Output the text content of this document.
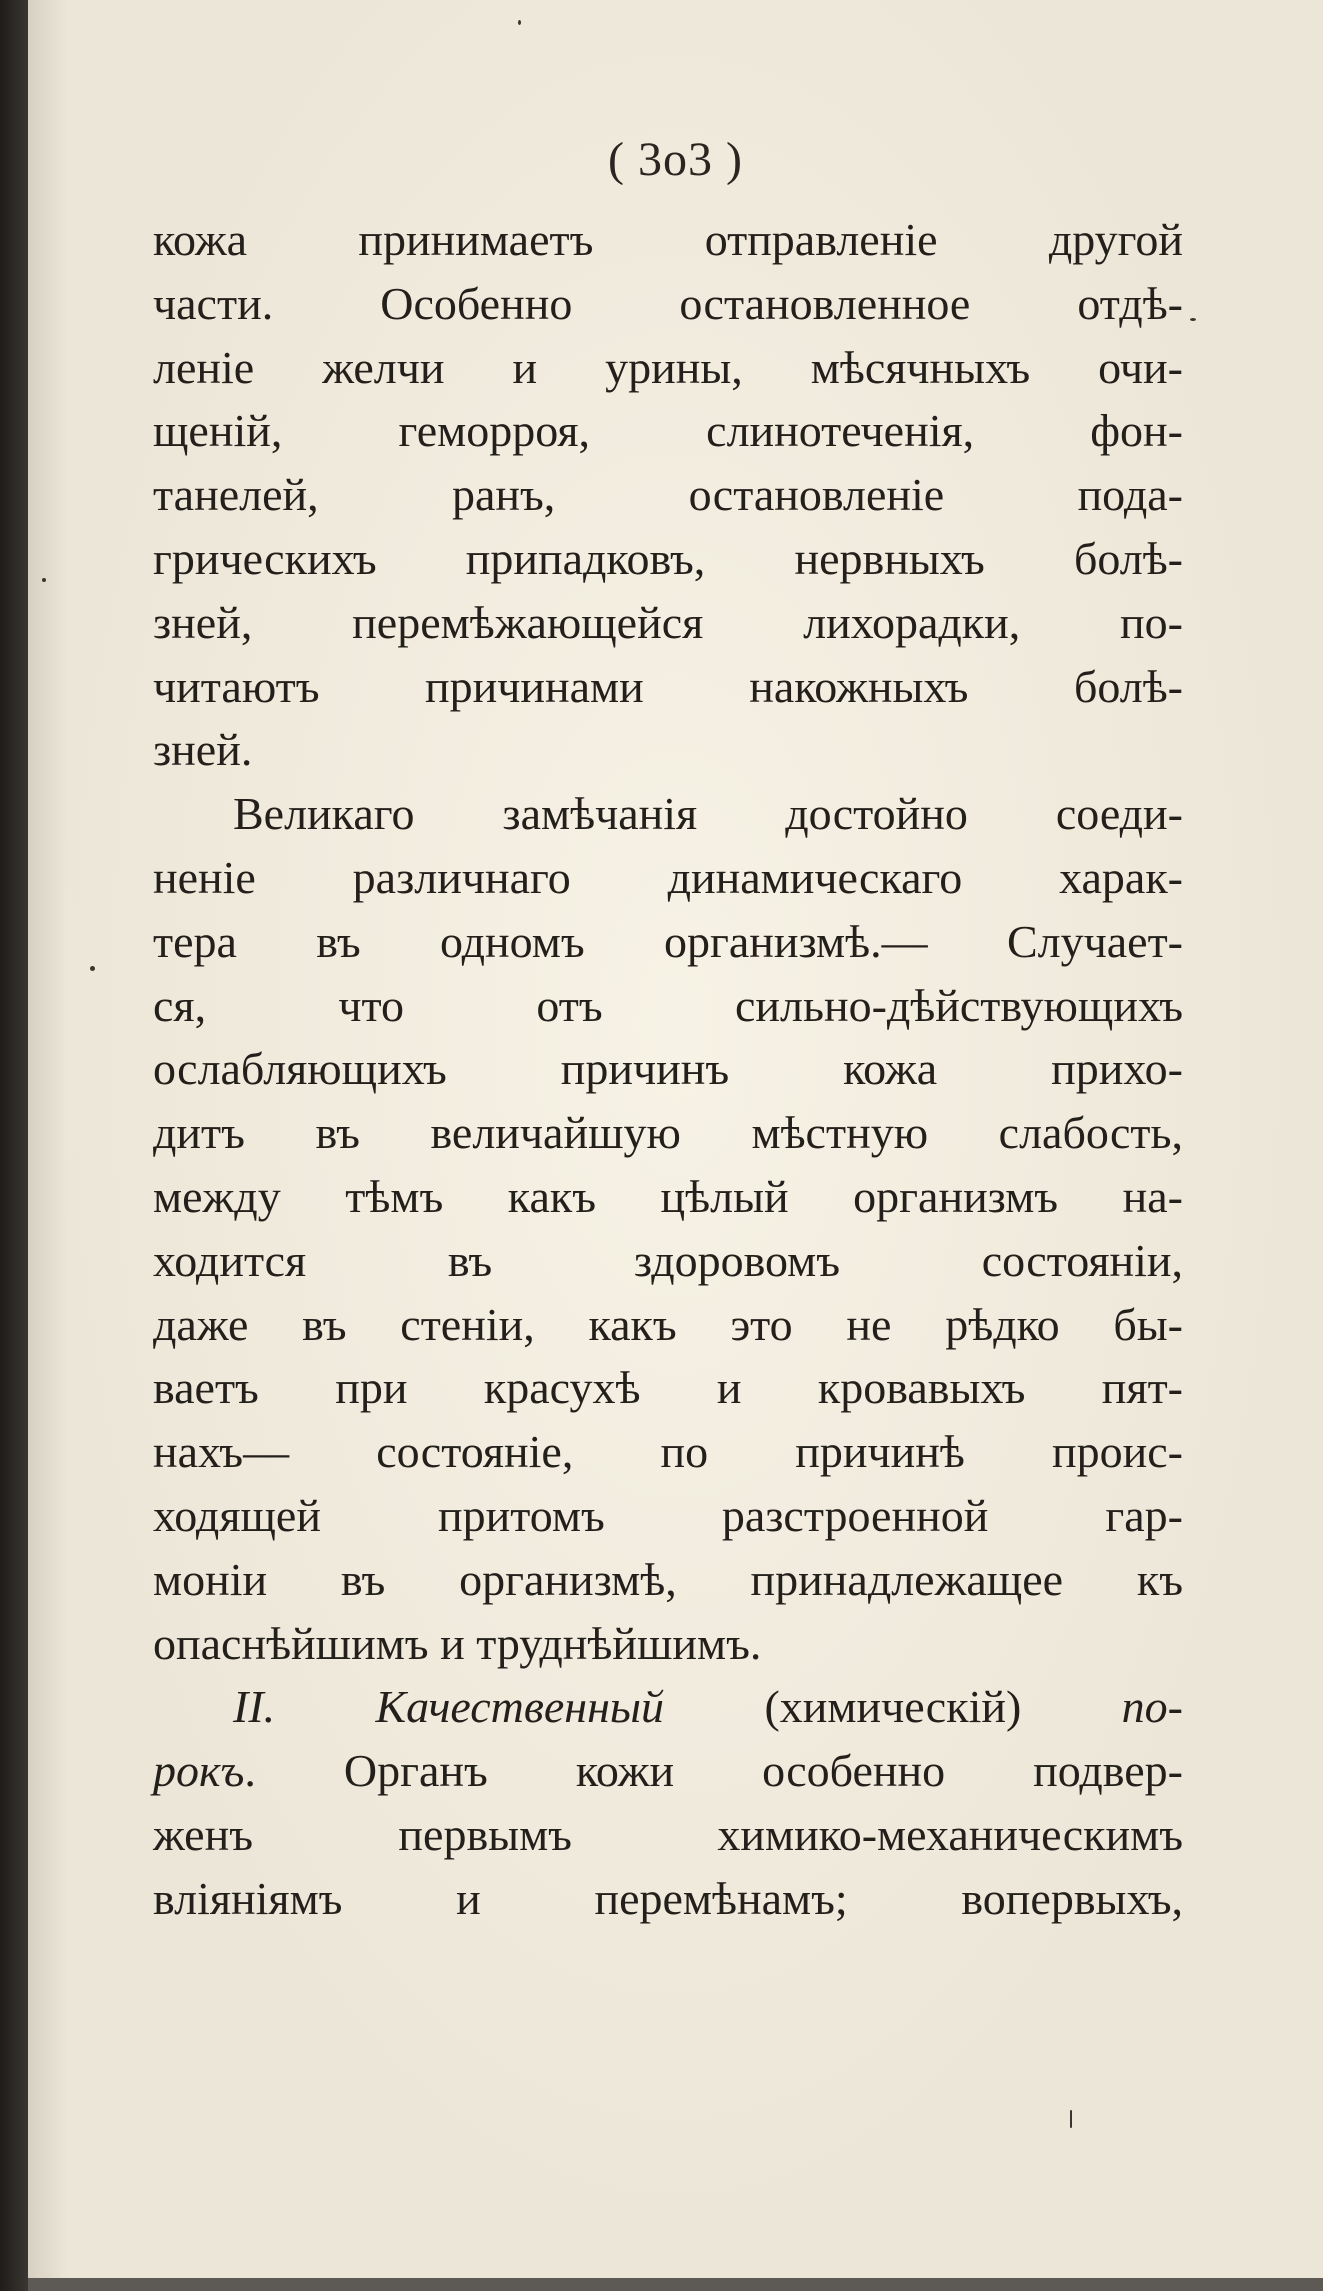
( 3о3 )
кожа принимаетъ отправленіе другой
части. Особенно остановленное отдѣ-
леніе желчи и урины, мѣсячныхъ очи-
щеній, геморроя, слинотеченія, фон-
танелей, ранъ, остановленіе пода-
грическихъ припадковъ, нервныхъ болѣ-
зней, перемѣжающейся лихорадки, по-
читаютъ причинами накожныхъ болѣ-
зней.
Великаго замѣчанія достойно соеди-
неніе различнаго динамическаго харак-
тера въ одномъ организмѣ.— Случает-
ся, что отъ сильно-дѣйствующихъ
ослабляющихъ причинъ кожа прихо-
дитъ въ величайшую мѣстную слабость,
между тѣмъ какъ цѣлый организмъ на-
ходится въ здоровомъ состояніи,
даже въ стеніи, какъ это не рѣдко бы-
ваетъ при красухѣ и кровавыхъ пят-
нахъ— состояніе, по причинѣ проис-
ходящей притомъ разстроенной гар-
моніи въ организмѣ, принадлежащее къ
опаснѣйшимъ и труднѣйшимъ.
II. Качественный (химическій) по-
рокъ. Органъ кожи особенно подвер-
женъ первымъ химико-механическимъ
вліяніямъ и перемѣнамъ; вопервыхъ,
